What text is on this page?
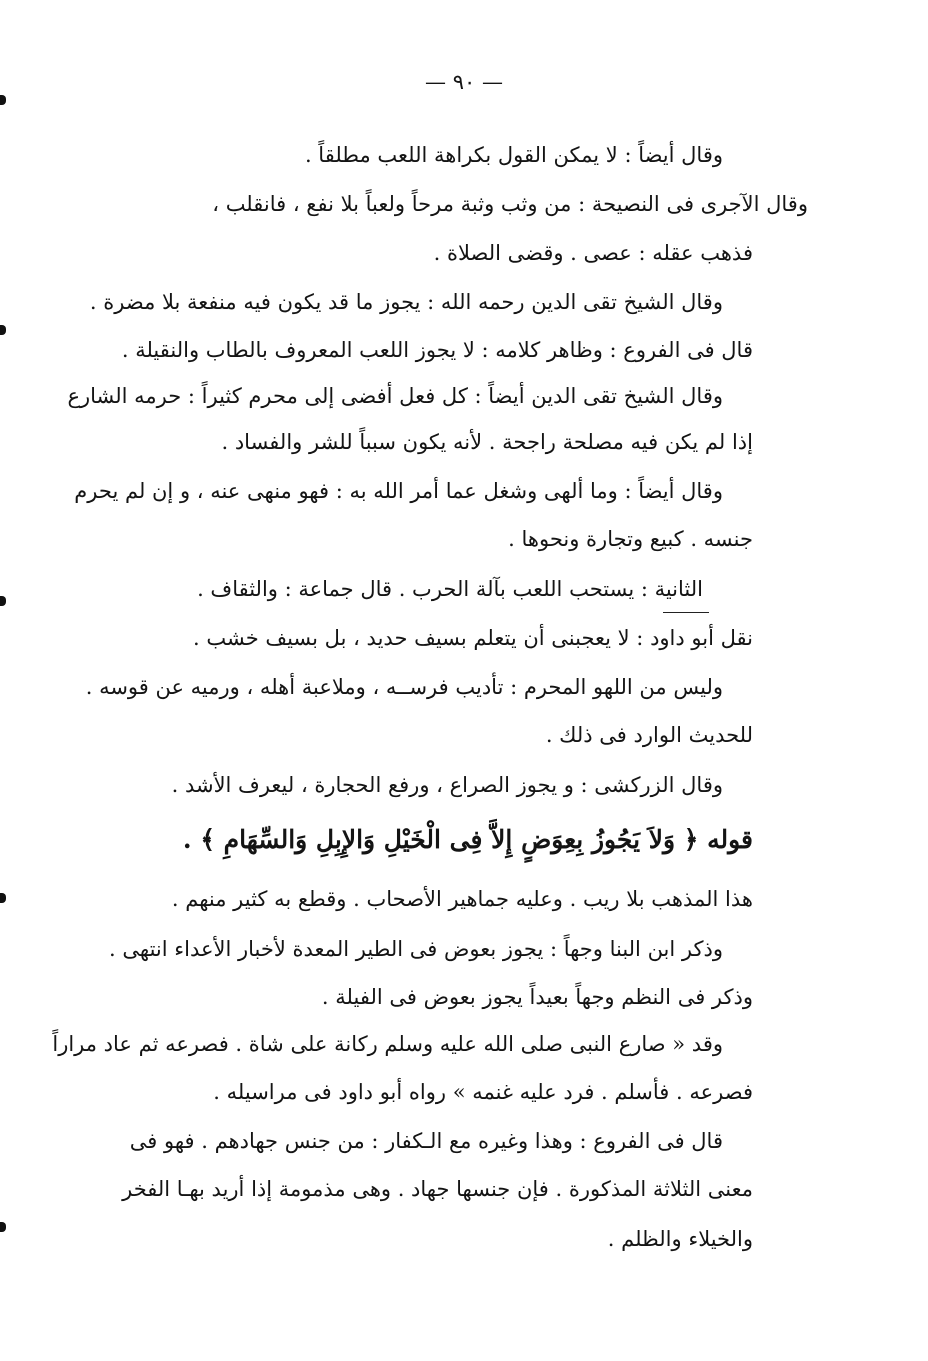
— ٩٠ —
وقال أيضاً : لا يمكن القول بكراهة اللعب مطلقاً .
وقال الآجرى فى النصيحة : من وثب وثبة مرحاً ولعباً بلا نفع ، فانقلب ،
فذهب عقله : عصى . وقضى الصلاة .
وقال الشيخ تقى الدين رحمه الله : يجوز ما قد يكون فيه منفعة بلا مضرة .
قال فى الفروع : وظاهر كلامه : لا يجوز اللعب المعروف بالطاب والنقيلة .
وقال الشيخ تقى الدين أيضاً : كل فعل أفضى إلى محرم كثيراً : حرمه الشارع
إذا لم يكن فيه مصلحة راجحة . لأنه يكون سبباً للشر والفساد .
وقال أيضاً : وما ألهى وشغل عما أمر الله به : فهو منهى عنه ، و إن لم يحرم
جنسه . كبيع وتجارة ونحوها .
الثانية : يستحب اللعب بآلة الحرب . قال جماعة : والثقاف .
نقل أبو داود : لا يعجبنى أن يتعلم بسيف حديد ، بل بسيف خشب .
وليس من اللهو المحرم : تأديب فرســه ، وملاعبة أهله ، ورميه عن قوسه .
للحديث الوارد فى ذلك .
وقال الزركشى : و يجوز الصراع ، ورفع الحجارة ، ليعرف الأشد .
قوله ﴿ وَلاَ يَجُوزُ بِعِوَضٍ إِلاَّ فِى الْخَيْلِ وَالإِبِلِ وَالسِّهَامِ ﴾ .
هذا المذهب بلا ريب . وعليه جماهير الأصحاب . وقطع به كثير منهم .
وذكر ابن البنا وجهاً : يجوز بعوض فى الطير المعدة لأخبار الأعداء انتهى .
وذكر فى النظم وجهاً بعيداً يجوز بعوض فى الفيلة .
وقد « صارع النبى صلى الله عليه وسلم ركانة على شاة . فصرعه ثم عاد مراراً
فصرعه . فأسلم . فرد عليه غنمه » رواه أبو داود فى مراسيله .
قال فى الفروع : وهذا وغيره مع الـكفار : من جنس جهادهم . فهو فى
معنى الثلاثة المذكورة . فإن جنسها جهاد . وهى مذمومة إذا أريد بهـا الفخر
والخيلاء والظلم .
